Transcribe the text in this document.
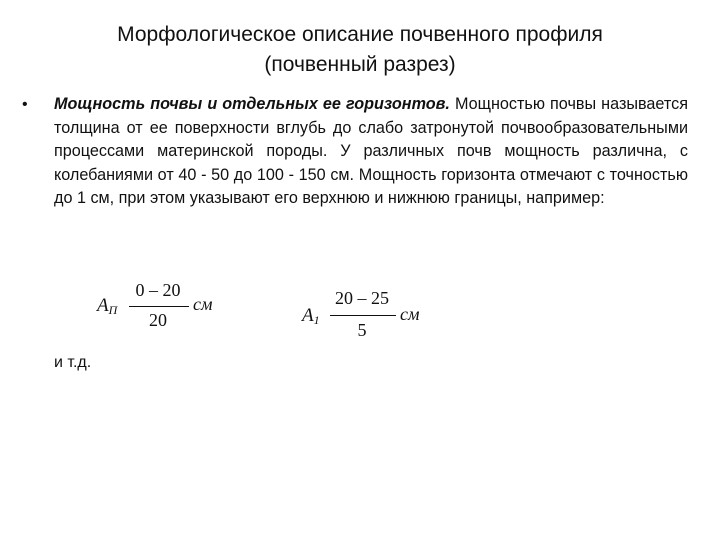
Морфологическое описание почвенного профиля
(почвенный разрез)
• Мощность почвы и отдельных ее горизонтов. Мощностью почвы называется толщина от ее поверхности вглубь до слабо затронутой почвообразовательными процессами материнской породы. У различных почв мощность различна, с колебаниями от 40 - 50 до 100 - 150 см. Мощность горизонта отмечают с точностью до 1 см, при этом указывают его верхнюю и нижнюю границы, например:
$A_П$
0 – 20
20
см
$A_1$
20 – 25
5
см
и т.д.
